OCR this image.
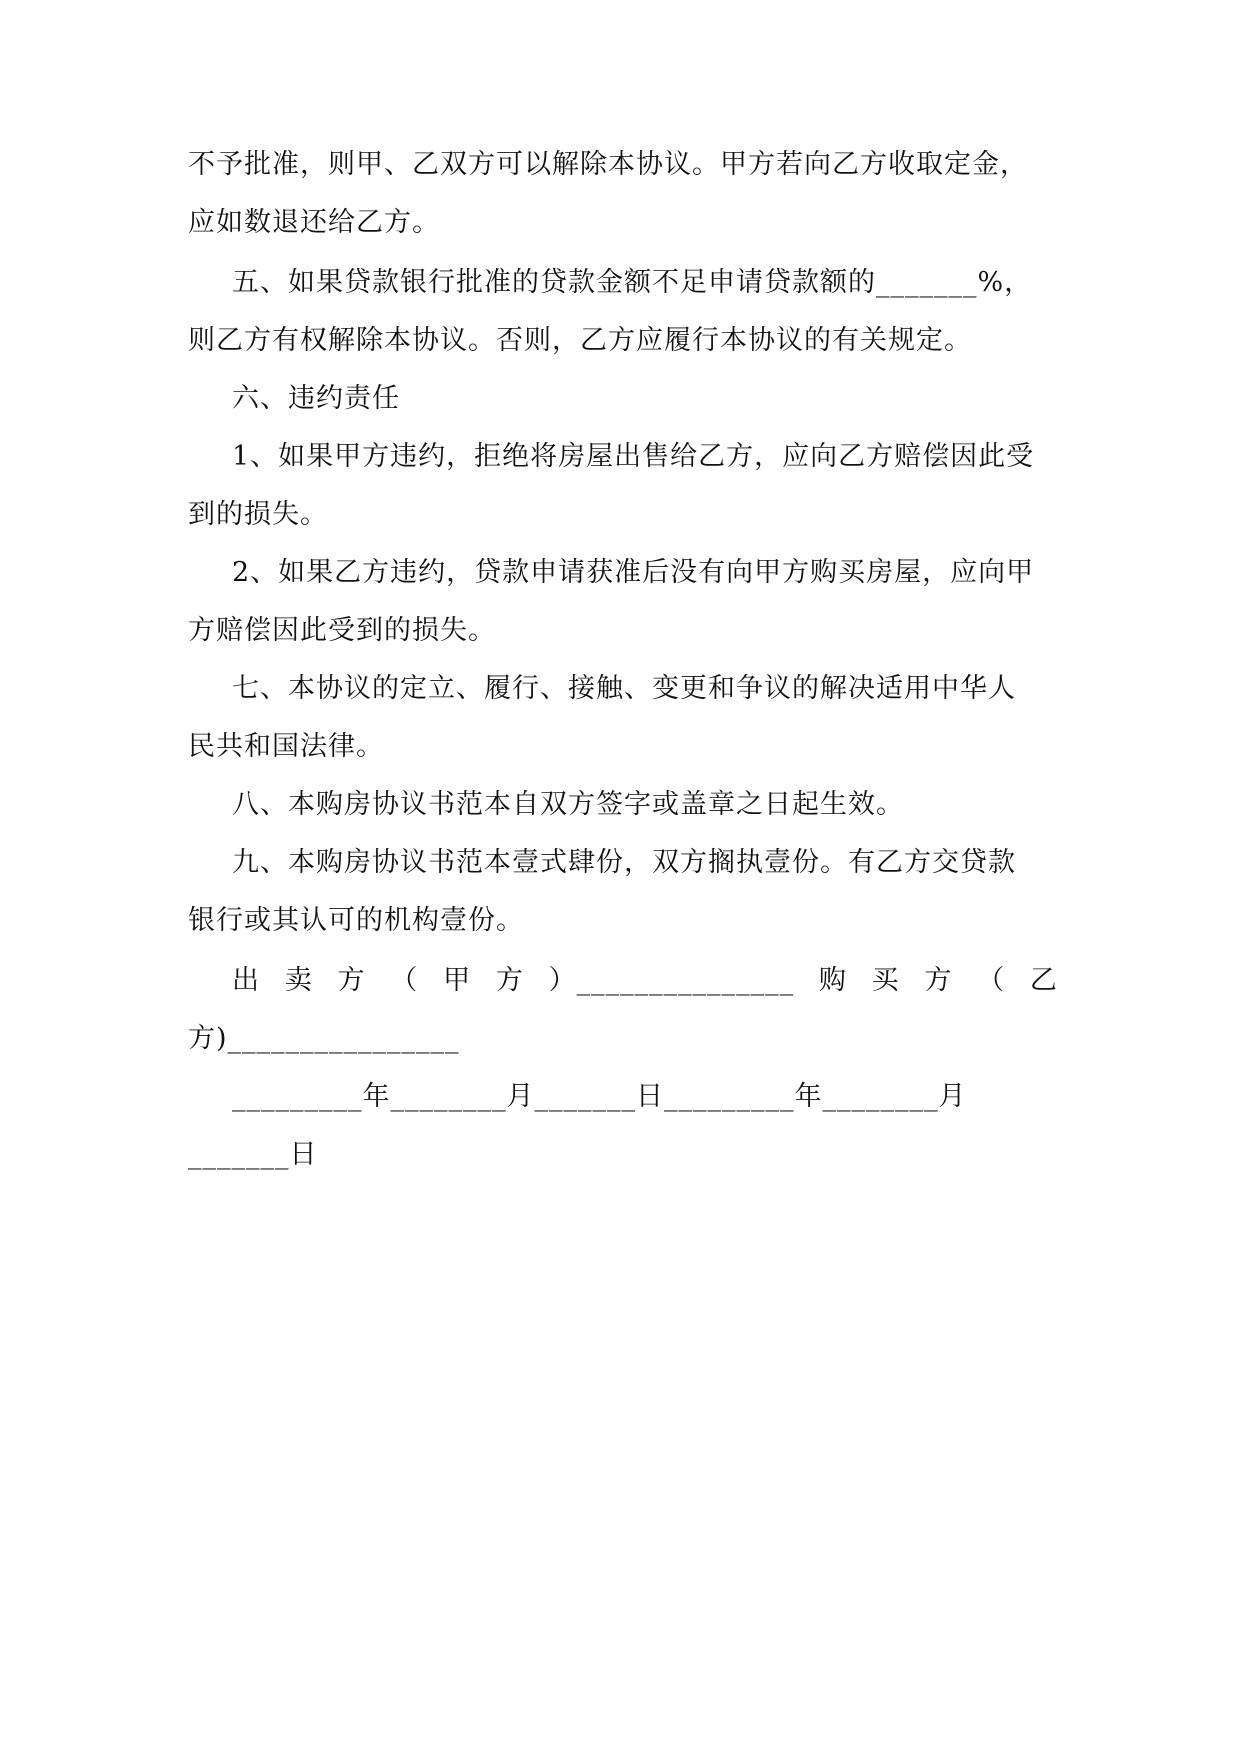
不予批准，则甲、乙双方可以解除本协议。甲方若向乙方收取定金，
应如数退还给乙方。
五、如果贷款银行批准的贷款金额不足申请贷款额的_______%，
则乙方有权解除本协议。否则，乙方应履行本协议的有关规定。
六、违约责任
1、如果甲方违约，拒绝将房屋出售给乙方，应向乙方赔偿因此受
到的损失。
2、如果乙方违约，贷款申请获准后没有向甲方购买房屋，应向甲
方赔偿因此受到的损失。
七、本协议的定立、履行、接触、变更和争议的解决适用中华人
民共和国法律。
八、本购房协议书范本自双方签字或盖章之日起生效。
九、本购房协议书范本壹式肆份，双方搁执壹份。有乙方交贷款
银行或其认可的机构壹份。
出 卖 方 （ 甲 方 ）_______________ 购 买 方 （ 乙
方)________________
_________年________月_______日_________年________月
_______日
